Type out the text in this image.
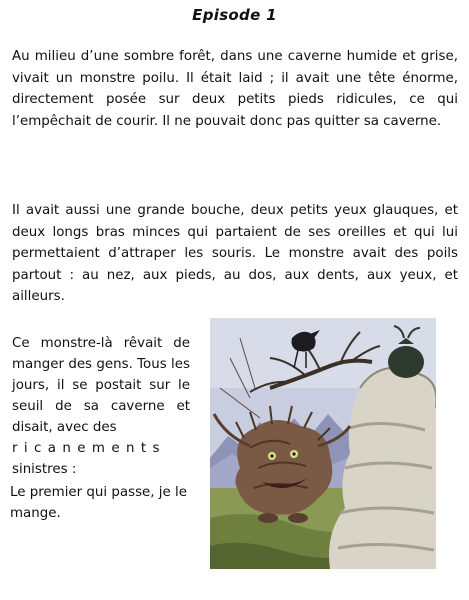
Episode 1

Au milieu d’une sombre forêt, dans une caverne humide et grise, vivait un monstre poilu. Il était laid ; il avait une tête énorme, directement posée sur deux petits pieds ridicules, ce qui l’empêchait de courir. Il ne pouvait donc pas quitter sa caverne.

Il avait aussi une grande bouche, deux petits yeux glauques, et deux longs bras minces qui partaient de ses oreilles et qui lui permettaient d’attraper les souris. Le monstre avait des poils partout : au nez, aux pieds, au dos, aux dents, aux yeux, et ailleurs.

Ce monstre-là rêvait de manger des gens. Tous les jours, il se postait sur le seuil de sa caverne et disait, avec des

ricanements
sinistres :

Le premier qui passe, je le mange.
